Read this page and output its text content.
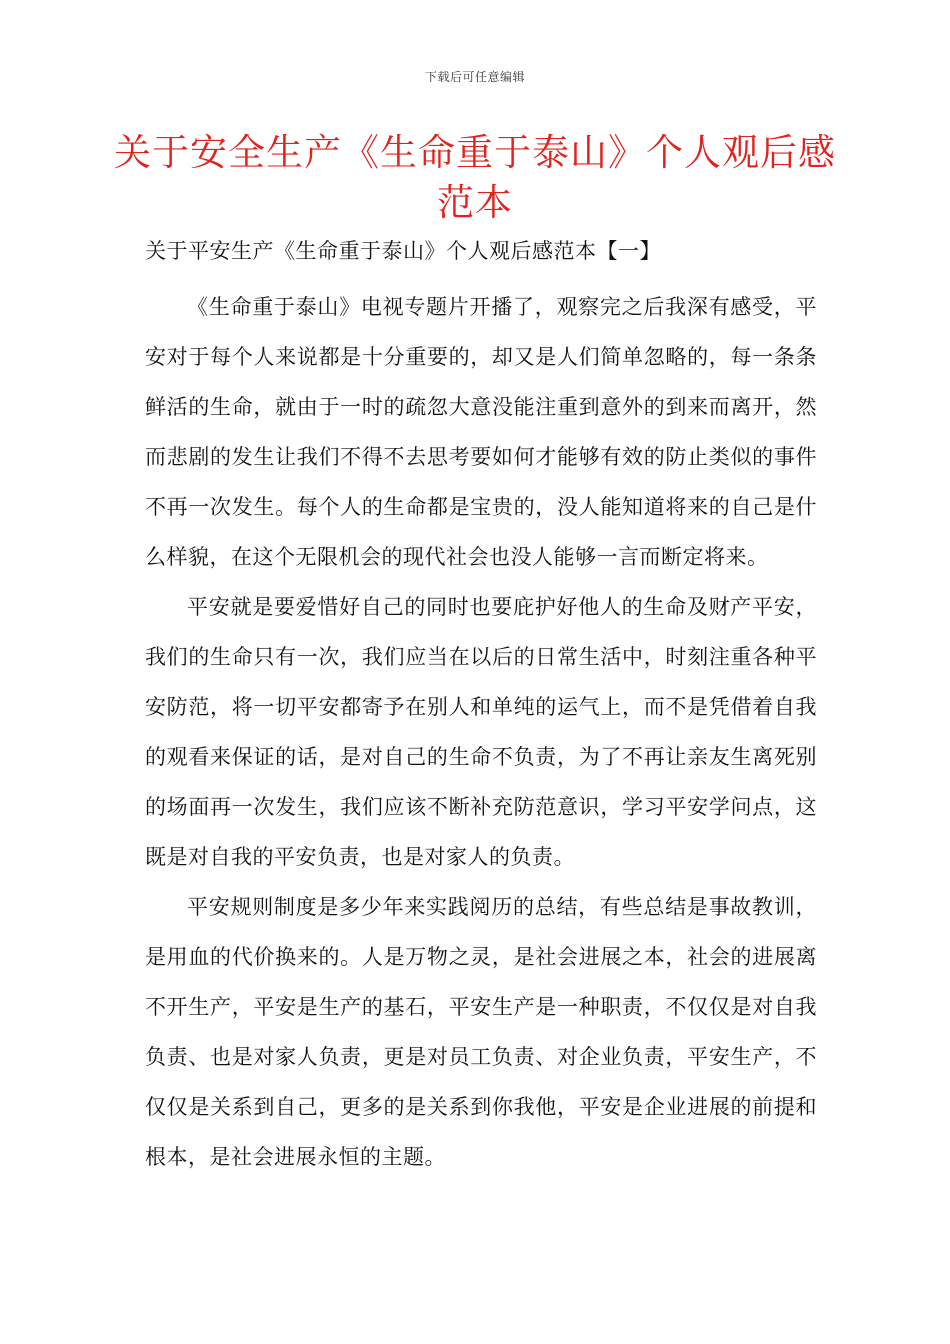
下载后可任意编辑
关于安全生产《生命重于泰山》个人观后感范本
关于平安生产《生命重于泰山》个人观后感范本【一】

《生命重于泰山》电视专题片开播了，观察完之后我深有感受，平安对于每个人来说都是十分重要的，却又是人们简单忽略的，每一条条鲜活的生命，就由于一时的疏忽大意没能注重到意外的到来而离开，然而悲剧的发生让我们不得不去思考要如何才能够有效的防止类似的事件不再一次发生。每个人的生命都是宝贵的，没人能知道将来的自己是什么样貌，在这个无限机会的现代社会也没人能够一言而断定将来。

平安就是要爱惜好自己的同时也要庇护好他人的生命及财产平安，我们的生命只有一次，我们应当在以后的日常生活中，时刻注重各种平安防范，将一切平安都寄予在别人和单纯的运气上，而不是凭借着自我的观看来保证的话，是对自己的生命不负责，为了不再让亲友生离死别的场面再一次发生，我们应该不断补充防范意识，学习平安学问点，这既是对自我的平安负责，也是对家人的负责。

平安规则制度是多少年来实践阅历的总结，有些总结是事故教训，是用血的代价换来的。人是万物之灵，是社会进展之本，社会的进展离不开生产，平安是生产的基石，平安生产是一种职责，不仅仅是对自我负责、也是对家人负责，更是对员工负责、对企业负责，平安生产，不仅仅是关系到自己，更多的是关系到你我他，平安是企业进展的前提和根本，是社会进展永恒的主题。
